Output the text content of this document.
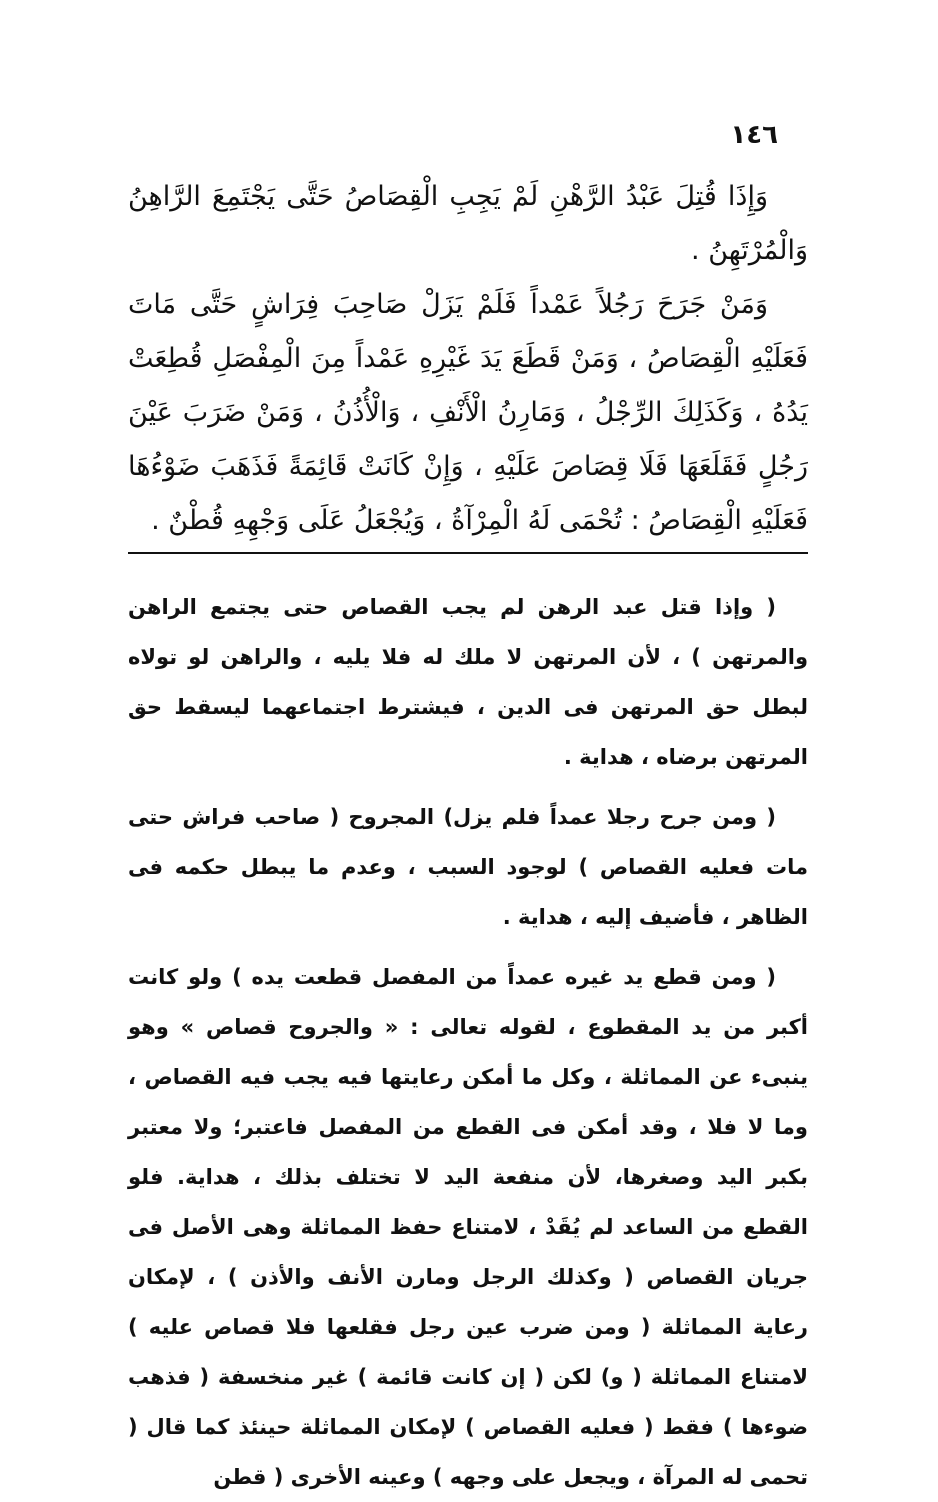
١٤٦

وَإِذَا قُتِلَ عَبْدُ الرَّهْنِ لَمْ يَجِبِ الْقِصَاصُ حَتَّى يَجْتَمِعَ الرَّاهِنُ وَالْمُرْتَهِنُ .

وَمَنْ جَرَحَ رَجُلاً عَمْداً فَلَمْ يَزَلْ صَاحِبَ فِرَاشٍ حَتَّى مَاتَ فَعَلَيْهِ الْقِصَاصُ ، وَمَنْ قَطَعَ يَدَ غَيْرِهِ عَمْداً مِنَ الْمِفْصَلِ قُطِعَتْ يَدُهُ ، وَكَذَلِكَ الرِّجْلُ ، وَمَارِنُ الْأَنْفِ ، وَالْأُذُنُ ، وَمَنْ ضَرَبَ عَيْنَ رَجُلٍ فَقَلَعَهَا فَلَا قِصَاصَ عَلَيْهِ ، وَإِنْ كَانَتْ قَائِمَةً فَذَهَبَ ضَوْءُهَا فَعَلَيْهِ الْقِصَاصُ : تُحْمَى لَهُ الْمِرْآةُ ، وَيُجْعَلُ عَلَى وَجْهِهِ قُطْنٌ .

( وإذا قتل عبد الرهن لم يجب القصاص حتى يجتمع الراهن والمرتهن ) ، لأن المرتهن لا ملك له فلا يليه ، والراهن لو تولاه لبطل حق المرتهن فى الدين ، فيشترط اجتماعهما ليسقط حق المرتهن برضاه ، هداية .

( ومن جرح رجلا عمداً فلم يزل) المجروح ( صاحب فراش حتى مات فعليه القصاص ) لوجود السبب ، وعدم ما يبطل حكمه فى الظاهر ، فأضيف إليه ، هداية .

( ومن قطع يد غيره عمداً من المفصل قطعت يده ) ولو كانت أكبر من يد المقطوع ، لقوله تعالى : « والجروح قصاص » وهو ينبىء عن المماثلة ، وكل ما أمكن رعايتها فيه يجب فيه القصاص ، وما لا فلا ، وقد أمكن فى القطع من المفصل فاعتبر؛ ولا معتبر بكبر اليد وصغرها، لأن منفعة اليد لا تختلف بذلك ، هداية. فلو القطع من الساعد لم يُقَدْ ، لامتناع حفظ المماثلة وهى الأصل فى جريان القصاص ( وكذلك الرجل ومارن الأنف والأذن ) ، لإمكان رعاية المماثلة ( ومن ضرب عين رجل فقلعها فلا قصاص عليه ) لامتناع المماثلة ( و) لكن ( إن كانت قائمة ) غير منخسفة ( فذهب ضوءها ) فقط ( فعليه القصاص ) لإمكان المماثلة حينئذ كما قال ( تحمى له المرآة ، ويجعل على وجهه ) وعينه الأخرى ( قطن
